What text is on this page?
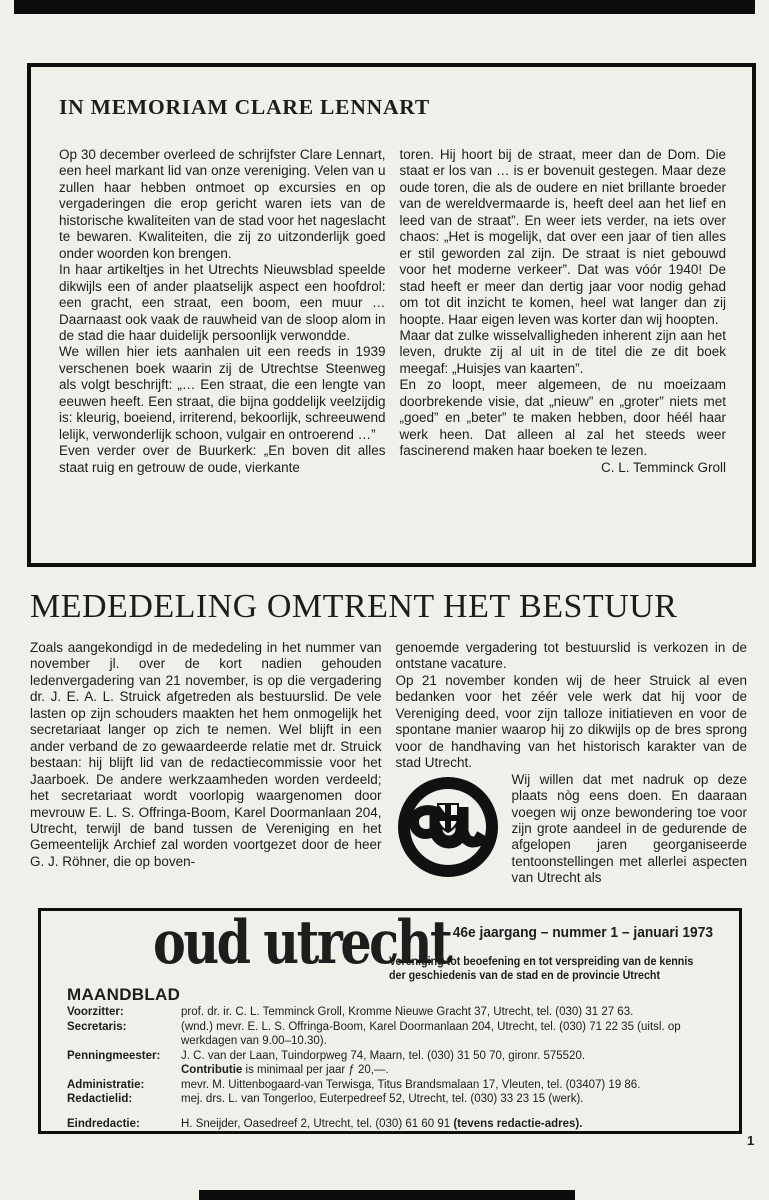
IN MEMORIAM CLARE LENNART

Op 30 december overleed de schrijfster Clare Lennart, een heel markant lid van onze vereniging. Velen van u zullen haar hebben ontmoet op excursies en op vergaderingen die erop gericht waren iets van de historische kwaliteiten van de stad voor het nageslacht te bewaren. Kwaliteiten, die zij zo uitzonderlijk goed onder woorden kon brengen.

In haar artikeltjes in het Utrechts Nieuwsblad speelde dikwijls een of ander plaatselijk aspect een hoofdrol: een gracht, een straat, een boom, een muur … Daarnaast ook vaak de rauwheid van de sloop alom in de stad die haar duidelijk persoonlijk verwondde.

We willen hier iets aanhalen uit een reeds in 1939 verschenen boek waarin zij de Utrechtse Steenweg als volgt beschrijft: „… Een straat, die een lengte van eeuwen heeft. Een straat, die bijna goddelijk veelzijdig is: kleurig, boeiend, irriterend, bekoorlijk, schreeuwend lelijk, verwonderlijk schoon, vulgair en ontroerend …”

Even verder over de Buurkerk: „En boven dit alles staat ruig en getrouw de oude, vierkante

toren. Hij hoort bij de straat, meer dan de Dom. Die staat er los van … is er bovenuit gestegen. Maar deze oude toren, die als de oudere en niet brillante broeder van de wereldvermaarde is, heeft deel aan het lief en leed van de straat”. En weer iets verder, na iets over chaos: „Het is mogelijk, dat over een jaar of tien alles er stil geworden zal zijn. De straat is niet gebouwd voor het moderne verkeer”. Dat was vóór 1940! De stad heeft er meer dan dertig jaar voor nodig gehad om tot dit inzicht te komen, heel wat langer dan zij hoopte. Haar eigen leven was korter dan wij hoopten.

Maar dat zulke wisselvalligheden inherent zijn aan het leven, drukte zij al uit in de titel die ze dit boek meegaf: „Huisjes van kaarten”.

En zo loopt, meer algemeen, de nu moeizaam doorbrekende visie, dat „nieuw” en „groter” niets met „goed” en „beter” te maken hebben, door héél haar werk heen. Dat alleen al zal het steeds weer fascinerend maken haar boeken te lezen.

C. L. Temminck Groll

MEDEDELING OMTRENT HET BESTUUR

Zoals aangekondigd in de mededeling in het nummer van november jl. over de kort nadien gehouden ledenvergadering van 21 november, is op die vergadering dr. J. E. A. L. Struick afgetreden als bestuurslid. De vele lasten op zijn schouders maakten het hem onmogelijk het secretariaat langer op zich te nemen. Wel blijft in een ander verband de zo gewaardeerde relatie met dr. Struick bestaan: hij blijft lid van de redactiecommissie voor het Jaarboek. De andere werkzaamheden worden verdeeld; het secretariaat wordt voorlopig waargenomen door mevrouw E. L. S. Offringa-Boom, Karel Doormanlaan 204, Utrecht, terwijl de band tussen de Vereniging en het Gemeentelijk Archief zal worden voortgezet door de heer G. J. Röhner, die op boven-

genoemde vergadering tot bestuurslid is verkozen in de ontstane vacature.

Op 21 november konden wij de heer Struick al even bedanken voor het zéér vele werk dat hij voor de Vereniging deed, voor zijn talloze initiatieven en voor de spontane manier waarop hij zo dikwijls op de bres sprong voor de handhaving van het historisch karakter van de stad Utrecht.

Wij willen dat met nadruk op deze plaats nòg eens doen. En daaraan voegen wij onze bewondering toe voor zijn grote aandeel in de gedurende de afgelopen jaren georganiseerde tentoonstellingen met allerlei aspecten van Utrecht als
MAANDBLAD
oud utrecht 46e jaargang – nummer 1 – januari 1973
Vereniging tot beoefening en tot verspreiding van de kennis
der geschiedenis van de stad en de provincie Utrecht
Voorzitter:	prof. dr. ir. C. L. Temminck Groll, Kromme Nieuwe Gracht 37, Utrecht, tel. (030) 31 27 63.
Secretaris:	(wnd.) mevr. E. L. S. Offringa-Boom, Karel Doormanlaan 204, Utrecht, tel. (030) 71 22 35 (uitsl. op werkdagen van 9.00–10.30).
Penningmeester:	J. C. van der Laan, Tuindorpweg 74, Maarn, tel. (030) 31 50 70, gironr. 575520.
Contributie is minimaal per jaar ƒ 20,—.
Administratie:	mevr. M. Uittenbogaard-van Terwisga, Titus Brandsmalaan 17, Vleuten, tel. (03407) 19 86.
Redactielid:	mej. drs. L. van Tongerloo, Euterpedreef 52, Utrecht, tel. (030) 33 23 15 (werk).
Eindredactie:	H. Sneijder, Oasedreef 2, Utrecht, tel. (030) 61 60 91 (tevens redactie-adres).
1
